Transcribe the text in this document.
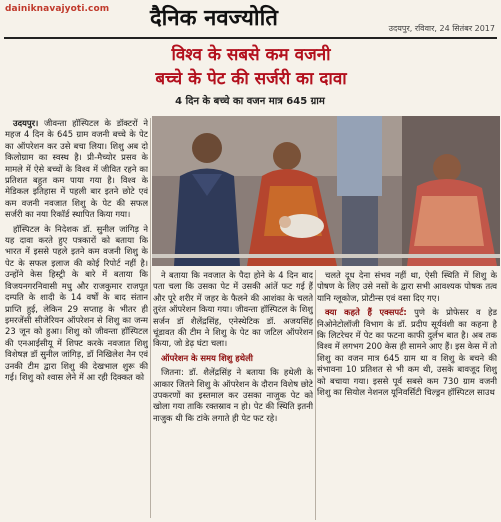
dainiknavajyoti.com दैनिक नवज्योति	उदयपुर, रविवार, 24 सितंबर 2017
विश्व के सबसे कम वजनी
बच्चे के पेट की सर्जरी का दावा
4 दिन के बच्चे का वजन मात्र 645 ग्राम

उदयपुर। जीवन्ता हॉस्पिटल के डॉक्टरों ने महज 4 दिन के 645 ग्राम वजनी बच्चे के पेट का ऑपरेशन कर उसे बचा लिया। शिशु अब दो किलोग्राम का स्वस्थ है। प्री-मैच्योर प्रसव के मामले में ऐसे बच्चों के विश्व में जीवित रहने का प्रतिशत बहुत कम पाया गया है। विश्व के मेडिकल इतिहास में पहली बार इतने छोटे एवं कम वजनी नवजात शिशु के पेट की सफल सर्जरी का नया रिकॉर्ड स्थापित किया गया।

हॉस्पिटल के निदेशक डॉ. सुनील जांगिड़ ने यह दावा करते हुए पत्रकारों को बताया कि भारत में इससे पहले इतने कम वजनी शिशु के पेट के सफल इलाज की कोई रिपोर्ट नहीं है। उन्होंने केस हिस्ट्री के बारे में बताया कि विजयनगरनिवासी मधु और राजकुमार राजपूत दम्पति के शादी के 14 वर्षों के बाद संतान प्राप्ति हुई, लेकिन 29 सप्ताह के भीतर ही इमरजेंसी सीजेरियन ऑपरेशन से शिशु का जन्म 23 जून को हुआ। शिशु को जीवन्ता हॉस्पिटल की एनआईसीयू में शिफ्ट करके नवजात शिशु विशेषज्ञ डॉ सुनील जांगिड़, डॉ निखिलेश नैन एवं उनकी टीम द्वारा शिशु की देखभाल शुरू की गई। शिशु को श्वास लेने में आ रही दिक्कत को

ने बताया कि नवजात के पैदा होने के 4 दिन बाद पता चला कि उसका पेट में उसकी आंतें फट गई हैं और पूरे शरीर में जहर के फैलने की आशंका के चलते तुरंत ऑपरेशन किया गया। जीवन्ता हॉस्पिटल के शिशु सर्जन डॉ शैलेंद्रसिंह, एनेस्थेटिक डॉ. अजयसिंह चूंडावत की टीम ने शिशु के पेट का जटिल ऑपरेशन किया, जो डेढ़ घंटा चला।

ऑपरेशन के समय शिशु हथेली

जितना: डॉ. शैलेंद्रसिंह ने बताया कि हथेली के आकार जितने शिशु के ऑपरेशन के दौरान विशेष छोटे उपकरणों का इस्तमाल कर उसका नाजुक पेट को खोला गया ताकि रक्तस्राव न हो। पेट की स्थिति इतनी नाजुक थी कि टांके लगाते ही पेट फट रहे।

चलते दूध देना संभव नहीं था, ऐसी स्थिति में शिशु के पोषण के लिए उसे नसों के द्वारा सभी आवश्यक पोषक तत्व यानि ग्लूकोज, प्रोटीन्स एवं वसा दिए गए।

क्या कहते हैं एक्सपर्ट: पुणे के प्रोफेसर व हेड निओनेटोलॉजी विभाग के डॉ. प्रदीप सूर्यवंशी का कहना है कि लिटरेचर में पेट का फटना काफी दुर्लभ बात है। अब तक विश्व में लगभग 200 केस ही सामने आए हैं। इस केस में तो शिशु का वजन मात्र 645 ग्राम था व शिशु के बचने की संभावना 10 प्रतिशत से भी कम थी, उसके बावजूद शिशु को बचाया गया। इससे पूर्व सबसे कम 730 ग्राम वजनी शिशु का सियोल नेशनल यूनिवर्सिटी चिल्ड्रन हॉस्पिटल साउथ
